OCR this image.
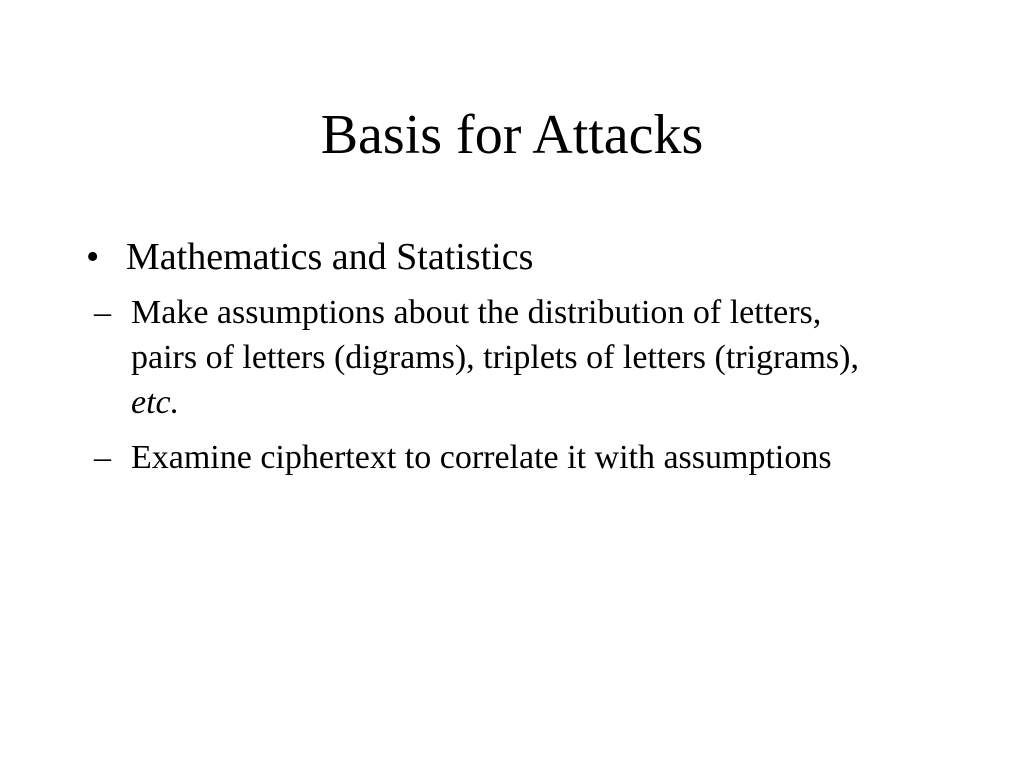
Basis for Attacks
• Mathematics and Statistics
– Make assumptions about the distribution of letters, pairs of letters (digrams), triplets of letters (trigrams), etc.
– Examine ciphertext to correlate it with assumptions
